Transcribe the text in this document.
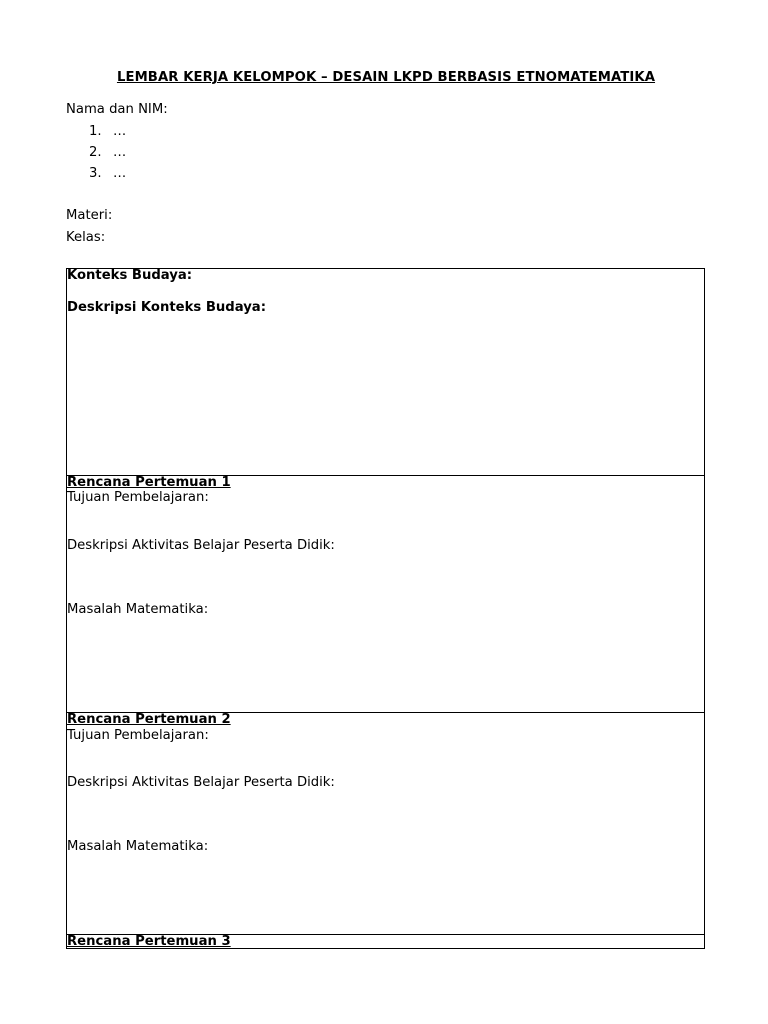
LEMBAR KERJA KELOMPOK – DESAIN LKPD BERBASIS ETNOMATEMATIKA
Nama dan NIM:
1. …
2. …
3. …
Materi:
Kelas:
Konteks Budaya:
Deskripsi Konteks Budaya:
Rencana Pertemuan 1
Tujuan Pembelajaran:
Deskripsi Aktivitas Belajar Peserta Didik:
Masalah Matematika:
Rencana Pertemuan 2
Tujuan Pembelajaran:
Deskripsi Aktivitas Belajar Peserta Didik:
Masalah Matematika:
Rencana Pertemuan 3
